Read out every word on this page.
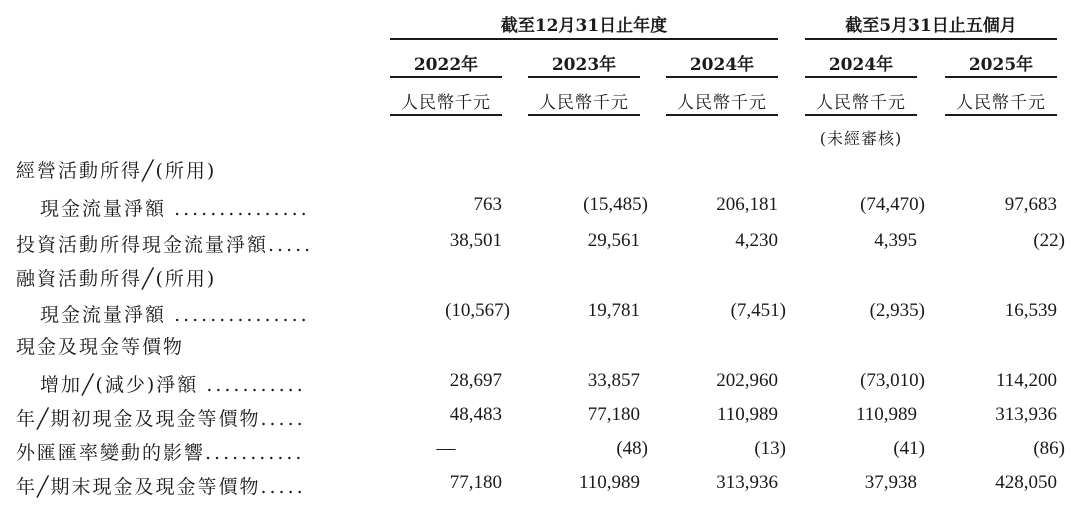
截至12月31日止年度	截至5月31日止五個月
2022年	2023年	2024年	2024年	2025年
人民幣千元	人民幣千元	人民幣千元	人民幣千元	人民幣千元
(未經審核)
經營活動所得╱(所用)
現金流量淨額 ...............	763	(15,485)	206,181	(74,470)	97,683
投資活動所得現金流量淨額.....	38,501	29,561	4,230	4,395	(22)
融資活動所得╱(所用)
現金流量淨額 ...............	(10,567)	19,781	(7,451)	(2,935)	16,539
現金及現金等價物
增加╱(減少)淨額 ...........	28,697	33,857	202,960	(73,010)	114,200
年╱期初現金及現金等價物.....	48,483	77,180	110,989	110,989	313,936
外匯匯率變動的影響...........	—	(48)	(13)	(41)	(86)
年╱期末現金及現金等價物.....	77,180	110,989	313,936	37,938	428,050
